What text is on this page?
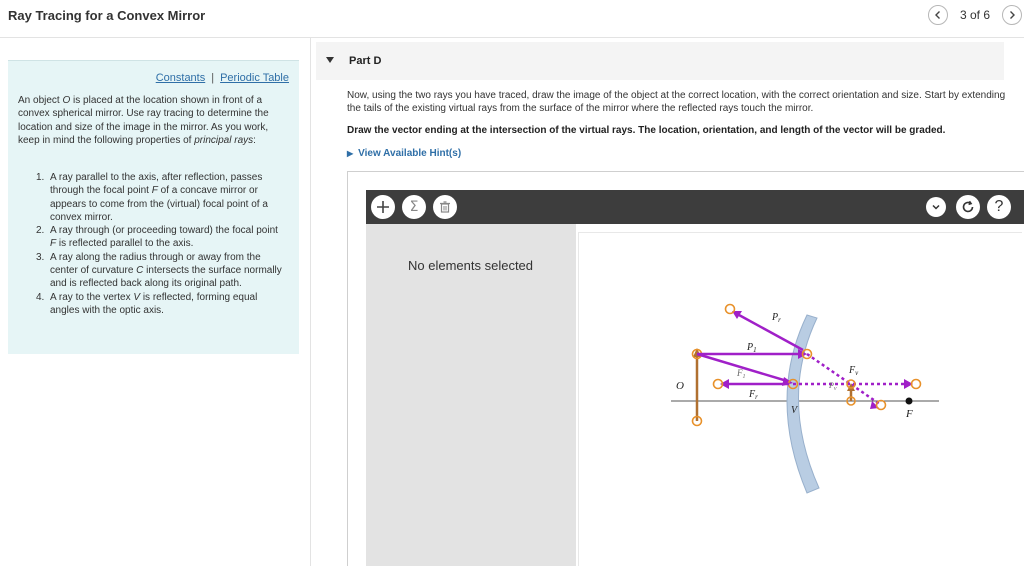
Ray Tracing for a Convex Mirror	3 of 6
Constants | Periodic Table
An object O is placed at the location shown in front of a convex spherical mirror. Use ray tracing to determine the location and size of the image in the mirror. As you work, keep in mind the following properties of principal rays:
1. A ray parallel to the axis, after reflection, passes through the focal point F of a concave mirror or appears to come from the (virtual) focal point of a convex mirror.
2. A ray through (or proceeding toward) the focal point F is reflected parallel to the axis.
3. A ray along the radius through or away from the center of curvature C intersects the surface normally and is reflected back along its original path.
4. A ray to the vertex V is reflected, forming equal angles with the optic axis.
Part D
Now, using the two rays you have traced, draw the image of the object at the correct location, with the correct orientation and size. Start by extending the tails of the existing virtual rays from the surface of the mirror where the reflected rays touch the mirror.
Draw the vector ending at the intersection of the virtual rays. The location, orientation, and length of the vector will be graded.
▶ View Available Hint(s)
Σ	?
No elements selected
O
F
V
$P_1$
$P_r$
$F_r$
$F_1$
$F_v$
$P_v$
